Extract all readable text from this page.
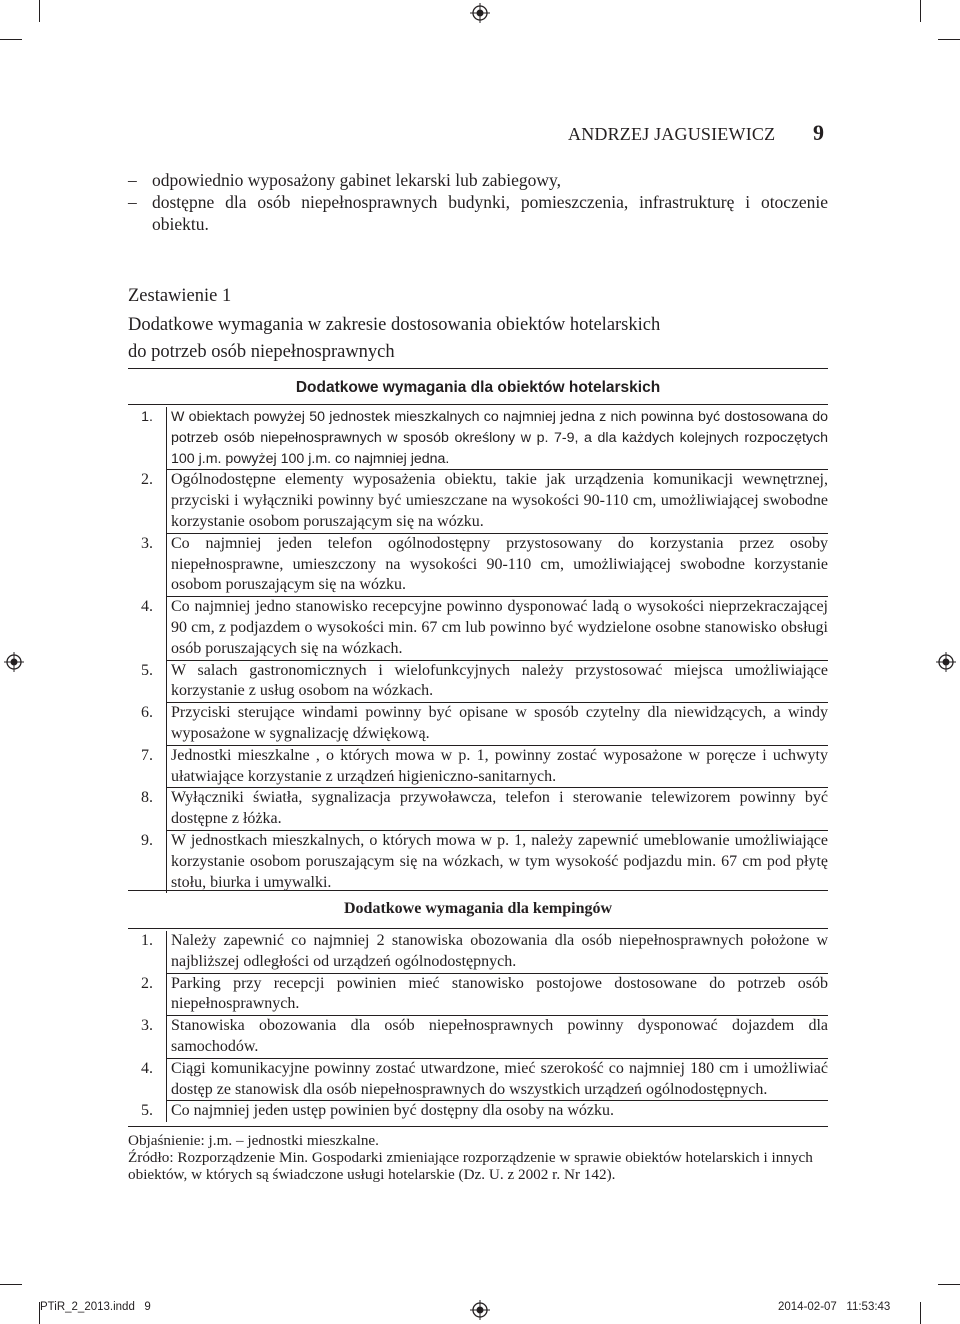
ANDRZEJ JAGUSIEWICZ 9
– odpowiednio wyposażony gabinet lekarski lub zabiegowy,
– dostępne dla osób niepełnosprawnych budynki, pomieszczenia, infrastrukturę i otoczenie obiektu.
Zestawienie 1
Dodatkowe wymagania w zakresie dostosowania obiektów hotelarskich
do potrzeb osób niepełnosprawnych
Dodatkowe wymagania dla obiektów hotelarskich
1.	W obiektach powyżej 50 jednostek mieszkalnych co najmniej jedna z nich powinna być dostosowana do potrzeb osób niepełnosprawnych w sposób określony w p. 7-9, a dla każdych kolejnych rozpoczętych 100 j.m. powyżej 100 j.m. co najmniej jedna.
2.	Ogólnodostępne elementy wyposażenia obiektu, takie jak urządzenia komunikacji wewnętrznej, przyciski i wyłączniki powinny być umieszczane na wysokości 90-110 cm, umożliwiającej swobodne korzystanie osobom poruszającym się na wózku.
3.	Co najmniej jeden telefon ogólnodostępny przystosowany do korzystania przez osoby niepełnosprawne, umieszczony na wysokości 90-110 cm, umożliwiającej swobodne korzystanie osobom poruszającym się na wózku.
4.	Co najmniej jedno stanowisko recepcyjne powinno dysponować ladą o wysokości nieprzekraczającej 90 cm, z podjazdem o wysokości min. 67 cm lub powinno być wydzielone osobne stanowisko obsługi osób poruszających się na wózkach.
5.	W salach gastronomicznych i wielofunkcyjnych należy przystosować miejsca umożliwiające korzystanie z usług osobom na wózkach.
6.	Przyciski sterujące windami powinny być opisane w sposób czytelny dla niewidzących, a windy wyposażone w sygnalizację dźwiękową.
7.	Jednostki mieszkalne , o których mowa w p. 1, powinny zostać wyposażone w poręcze i uchwyty ułatwiające korzystanie z urządzeń higieniczno-sanitarnych.
8.	Wyłączniki światła, sygnalizacja przywoławcza, telefon i sterowanie telewizorem powinny być dostępne z łóżka.
9.	W jednostkach mieszkalnych, o których mowa w p. 1, należy zapewnić umeblowanie umożliwiające korzystanie osobom poruszającym się na wózkach, w tym wysokość podjazdu min. 67 cm pod płytę stołu, biurka i umywalki.
Dodatkowe wymagania dla kempingów
1.	Należy zapewnić co najmniej 2 stanowiska obozowania dla osób niepełnosprawnych położone w najbliższej odległości od urządzeń ogólnodostępnych.
2.	Parking przy recepcji powinien mieć stanowisko postojowe dostosowane do potrzeb osób niepełnosprawnych.
3.	Stanowiska obozowania dla osób niepełnosprawnych powinny dysponować dojazdem dla samochodów.
4.	Ciągi komunikacyjne powinny zostać utwardzone, mieć szerokość co najmniej 180 cm i umożliwiać dostęp ze stanowisk dla osób niepełnosprawnych do wszystkich urządzeń ogólnodostępnych.
5.	Co najmniej jeden ustęp powinien być dostępny dla osoby na wózku.
Objaśnienie: j.m. – jednostki mieszkalne.
Źródło: Rozporządzenie Min. Gospodarki zmieniające rozporządzenie w sprawie obiektów hotelarskich i innych obiektów, w których są świadczone usługi hotelarskie (Dz. U. z 2002 r. Nr 142).
PTiR_2_2013.indd   9	2014-02-07   11:53:43
